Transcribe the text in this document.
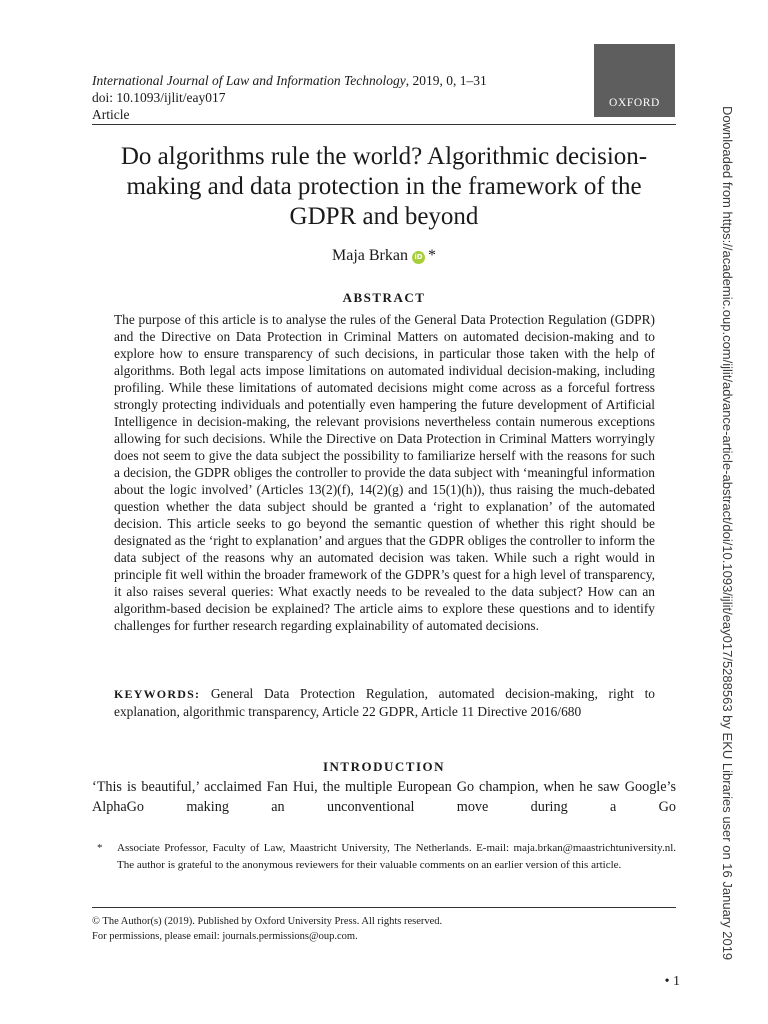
International Journal of Law and Information Technology, 2019, 0, 1–31
doi: 10.1093/ijlit/eay017
Article
OXFORD
Do algorithms rule the world? Algorithmic decision-making and data protection in the framework of the GDPR and beyond
Maja Brkan iD *
ABSTRACT

The purpose of this article is to analyse the rules of the General Data Protection Regulation (GDPR) and the Directive on Data Protection in Criminal Matters on automated decision-making and to explore how to ensure transparency of such decisions, in particular those taken with the help of algorithms. Both legal acts impose limitations on automated individual decision-making, including profiling. While these limitations of automated decisions might come across as a forceful fortress strongly protecting individuals and potentially even hampering the future development of Artificial Intelligence in decision-making, the relevant provisions nevertheless contain numerous exceptions allowing for such decisions. While the Directive on Data Protection in Criminal Matters worryingly does not seem to give the data subject the possibility to familiarize herself with the reasons for such a decision, the GDPR obliges the controller to provide the data subject with ‘meaningful information about the logic involved’ (Articles 13(2)(f), 14(2)(g) and 15(1)(h)), thus raising the much-debated question whether the data subject should be granted a ‘right to explanation’ of the automated decision. This article seeks to go beyond the semantic question of whether this right should be designated as the ‘right to explanation’ and argues that the GDPR obliges the controller to inform the data subject of the reasons why an automated decision was taken. While such a right would in principle fit well within the broader framework of the GDPR’s quest for a high level of transparency, it also raises several queries: What exactly needs to be revealed to the data subject? How can an algorithm-based decision be explained? The article aims to explore these questions and to identify challenges for further research regarding explainability of automated decisions.

KEYWORDS: General Data Protection Regulation, automated decision-making, right to explanation, algorithmic transparency, Article 22 GDPR, Article 11 Directive 2016/680

INTRODUCTION

‘This is beautiful,’ acclaimed Fan Hui, the multiple European Go champion, when he saw Google’s AlphaGo making an unconventional move during a Go

* Associate Professor, Faculty of Law, Maastricht University, The Netherlands. E-mail: maja.brkan@maastrichtuniversity.nl. The author is grateful to the anonymous reviewers for their valuable comments on an earlier version of this article.
© The Author(s) (2019). Published by Oxford University Press. All rights reserved.
For permissions, please email: journals.permissions@oup.com.
• 1
Downloaded from https://academic.oup.com/ijlit/advance-article-abstract/doi/10.1093/ijlit/eay017/5288563 by EKU Libraries user on 16 January 2019
